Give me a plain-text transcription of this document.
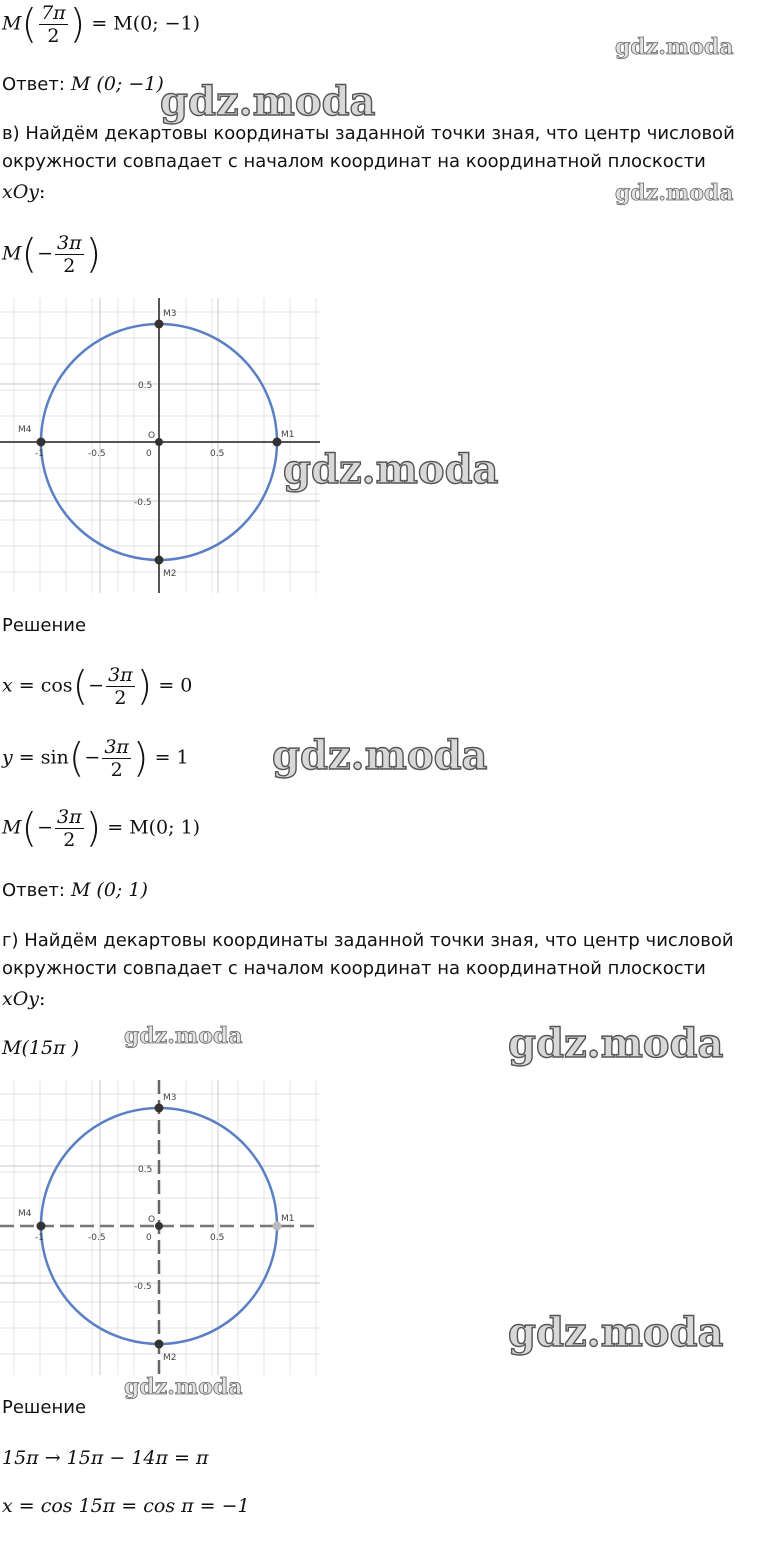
$M( \frac{7\pi}{2}$ ) = M(0; −1)
Ответ: M (0; −1)
в) Найдём декартовы координаты заданной точки зная, что центр числовой
окружности совпадает с началом координат на координатной плоскости
xOy:
$M(- \frac{3\pi}{2}$ )
M3
M2
M4	M1
O
-1	-0.5	0	0.5
0.5
-0.5
Решение
$x = \cos(- \frac{3\pi}{2}$ ) = 0
$y = \sin(- \frac{3\pi}{2}$ ) = 1
$M(- \frac{3\pi}{2}$ ) = M(0; 1)
Ответ: M (0; 1)
г) Найдём декартовы координаты заданной точки зная, что центр числовой
окружности совпадает с началом координат на координатной плоскости
xOy:
M(15π )
M3
M2
M4	M1
O
-1	-0.5	0	0.5
0.5
-0.5
Решение
15π → 15π − 14π = π
x = cos 15π = cos π = −1
gdz.moda
gdz.moda
gdz.moda
gdz.moda
gdz.moda
gdz.moda	gdz.moda
gdz.moda
gdz.moda
